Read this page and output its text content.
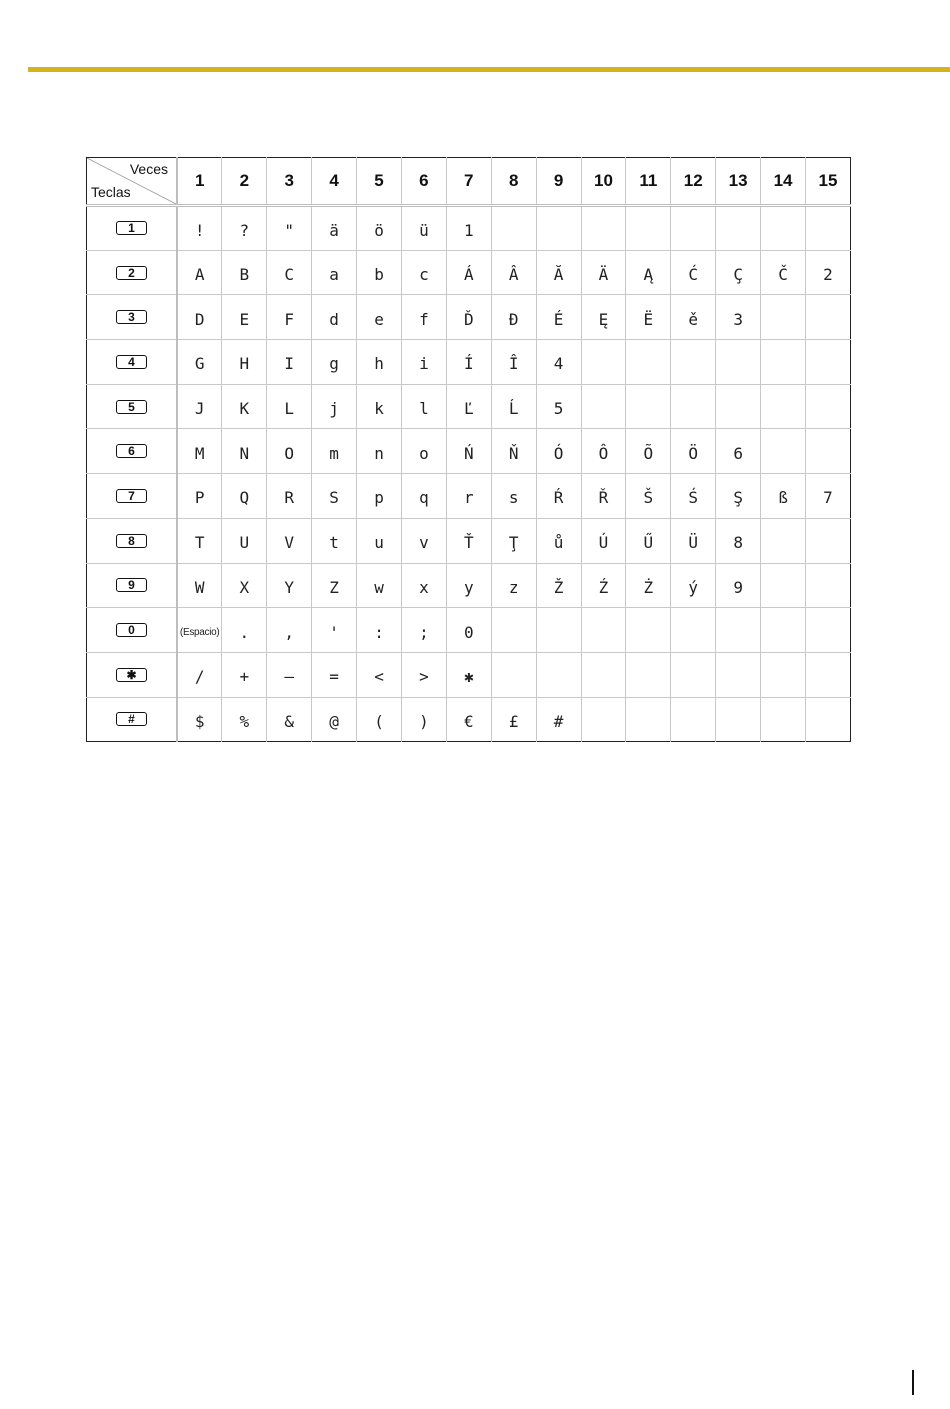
Veces
Teclas	1	2	3	4	5	6	7	8	9	10	11	12	13	14	15
1	!	?	"	ä	ö	ü	1								
2	A	B	C	a	b	c	Á	Â	Ă	Ä	Ą	Ć	Ç	Č	2
3	D	E	F	d	e	f	Ď	Đ	É	Ę	Ë	ě	3		
4	G	H	I	g	h	i	Í	Î	4						
5	J	K	L	j	k	l	Ľ	Ĺ	5						
6	M	N	O	m	n	o	Ń	Ň	Ó	Ô	Õ	Ö	6		
7	P	Q	R	S	p	q	r	s	Ŕ	Ř	Š	Ś	Ş	ß	7
8	T	U	V	t	u	v	Ť	Ţ	ů	Ú	Ű	Ü	8		
9	W	X	Y	Z	w	x	y	z	Ž	Ź	Ż	ý	9		
0	(Espacio)	.	,	'	:	;	0								
✱	/	+	—	=	<	>	✱								
#	$	%	&	@	(	)	€	£	#						
